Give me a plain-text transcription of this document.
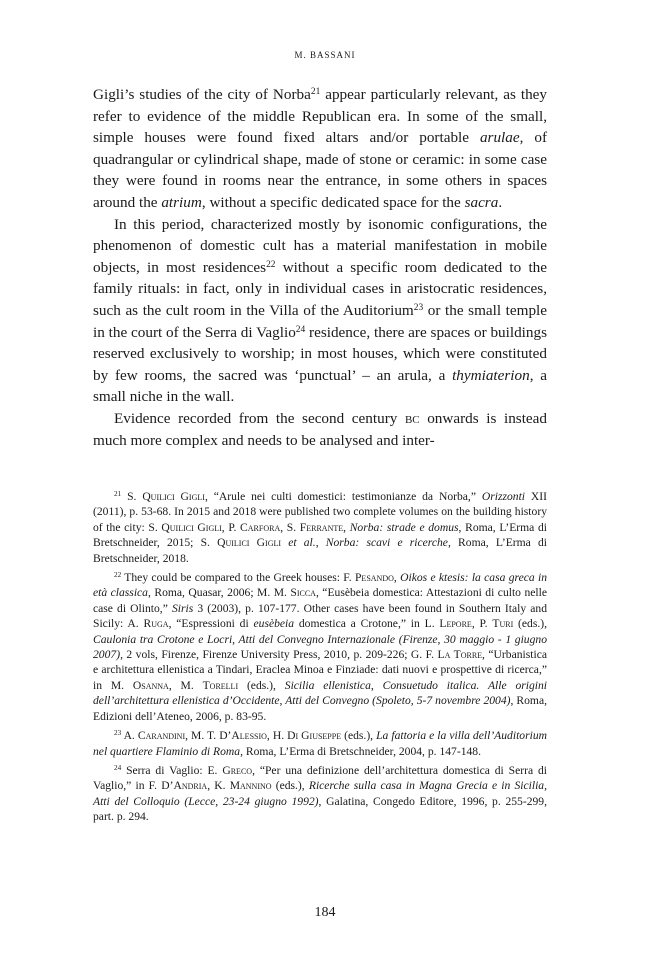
M. BASSANI

Gigli’s studies of the city of Norba$^{21}$ appear particularly relevant, as they refer to evidence of the middle Republican era. In some of the small, simple houses were found fixed altars and/or portable arulae, of quadrangular or cylindrical shape, made of stone or ceramic: in some case they were found in rooms near the entrance, in some others in spaces around the atrium, without a specific dedicated space for the sacra.

In this period, characterized mostly by isonomic configurations, the phenomenon of domestic cult has a material manifestation in mobile objects, in most residences$^{22}$ without a specific room dedicated to the family rituals: in fact, only in individual cases in aristocratic residences, such as the cult room in the Villa of the Auditorium$^{23}$ or the small temple in the court of the Serra di Vaglio$^{24}$ residence, there are spaces or buildings reserved exclusively to worship; in most houses, which were constituted by few rooms, the sacred was ‘punctual’ – an arula, a thymiaterion, a small niche in the wall.

Evidence recorded from the second century bc onwards is instead much more complex and needs to be analysed and inter-

$^{21}$ S. Quilici Gigli, “Arule nei culti domestici: testimonianze da Norba,” Orizzonti XII (2011), p. 53-68. In 2015 and 2018 were published two complete volumes on the building history of the city: S. Quilici Gigli, P. Carfora, S. Ferrante, Norba: strade e domus, Roma, L’Erma di Bretschneider, 2015; S. Quilici Gigli et al., Norba: scavi e ricerche, Roma, L’Erma di Bretschneider, 2018.

$^{22}$ They could be compared to the Greek houses: F. Pesando, Oikos e ktesis: la casa greca in età classica, Roma, Quasar, 2006; M. M. Sicca, “Eusèbeia domestica: Attestazioni di culto nelle case di Olinto,” Siris 3 (2003), p. 107-177. Other cases have been found in Southern Italy and Sicily: A. Ruga, “Espressioni di eusèbeia domestica a Crotone,” in L. Lepore, P. Turi (eds.), Caulonia tra Crotone e Locri, Atti del Convegno Internazionale (Firenze, 30 maggio - 1 giugno 2007), 2 vols, Firenze, Firenze University Press, 2010, p. 209-226; G. F. La Torre, “Urbanistica e architettura ellenistica a Tindari, Eraclea Minoa e Finziade: dati nuovi e prospettive di ricerca,” in M. Osanna, M. Torelli (eds.), Sicilia ellenistica, Consuetudo italica. Alle origini dell’architettura ellenistica d’Occidente, Atti del Convegno (Spoleto, 5-7 novembre 2004), Roma, Edizioni dell’Ateneo, 2006, p. 83-95.

$^{23}$ A. Carandini, M. T. D’Alessio, H. Di Giuseppe (eds.), La fattoria e la villa dell’Auditorium nel quartiere Flaminio di Roma, Roma, L’Erma di Bretschneider, 2004, p. 147-148.

$^{24}$ Serra di Vaglio: E. Greco, “Per una definizione dell’architettura domestica di Serra di Vaglio,” in F. D’Andria, K. Mannino (eds.), Ricerche sulla casa in Magna Grecia e in Sicilia, Atti del Colloquio (Lecce, 23-24 giugno 1992), Galatina, Congedo Editore, 1996, p. 255-299, part. p. 294.

184
